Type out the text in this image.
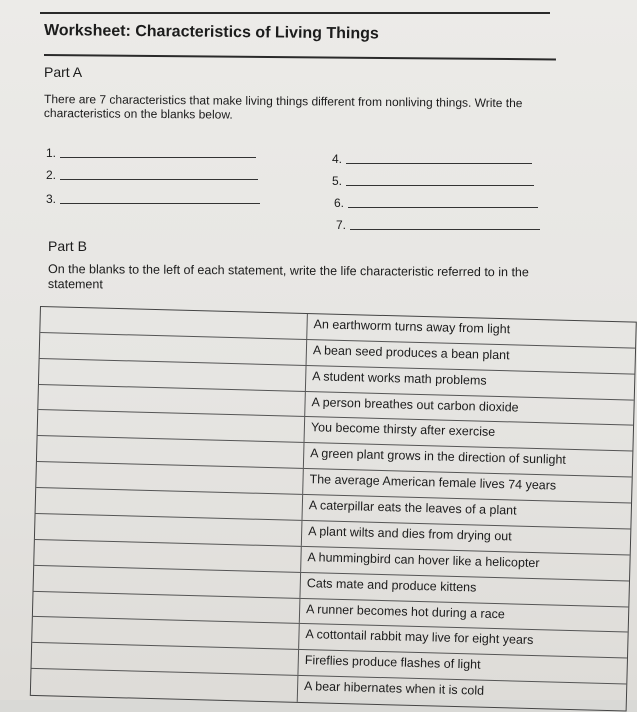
Worksheet: Characteristics of Living Things
Part A
There are 7 characteristics that make living things different from nonliving things. Write the characteristics on the blanks below.
1.
2.
3.
4.
5.
6.
7.
Part B
On the blanks to the left of each statement, write the life characteristic referred to in the statement
An earthworm turns away from light
A bean seed produces a bean plant
A student works math problems
A person breathes out carbon dioxide
You become thirsty after exercise
A green plant grows in the direction of sunlight
The average American female lives 74 years
A caterpillar eats the leaves of a plant
A plant wilts and dies from drying out
A hummingbird can hover like a helicopter
Cats mate and produce kittens
A runner becomes hot during a race
A cottontail rabbit may live for eight years
Fireflies produce flashes of light
A bear hibernates when it is cold
